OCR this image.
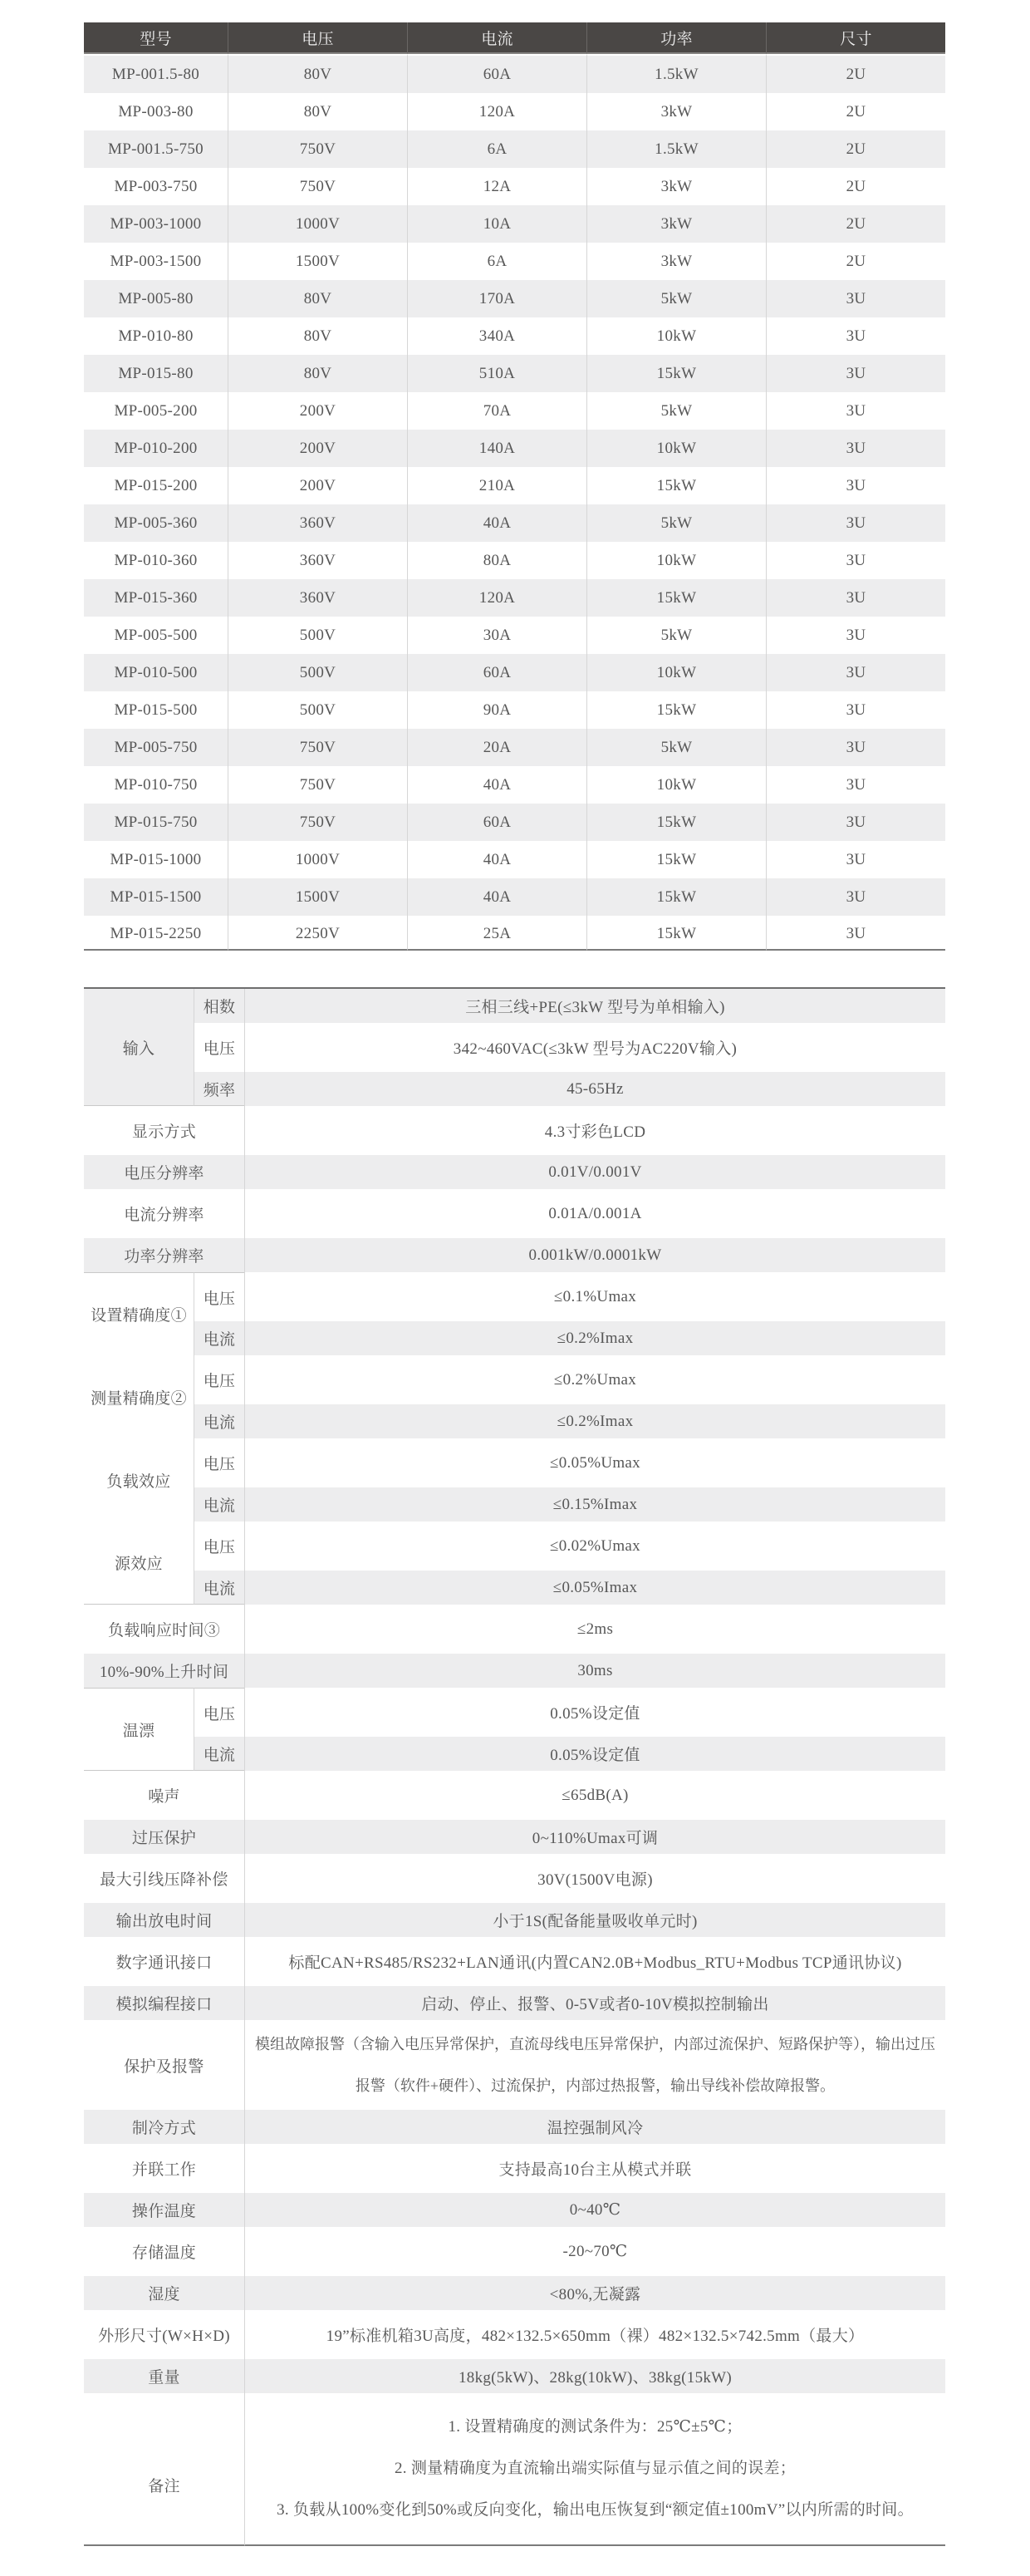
型号	电压	电流	功率	尺寸
MP-001.5-80	80V	60A	1.5kW	2U
MP-003-80	80V	120A	3kW	2U
MP-001.5-750	750V	6A	1.5kW	2U
MP-003-750	750V	12A	3kW	2U
MP-003-1000	1000V	10A	3kW	2U
MP-003-1500	1500V	6A	3kW	2U
MP-005-80	80V	170A	5kW	3U
MP-010-80	80V	340A	10kW	3U
MP-015-80	80V	510A	15kW	3U
MP-005-200	200V	70A	5kW	3U
MP-010-200	200V	140A	10kW	3U
MP-015-200	200V	210A	15kW	3U
MP-005-360	360V	40A	5kW	3U
MP-010-360	360V	80A	10kW	3U
MP-015-360	360V	120A	15kW	3U
MP-005-500	500V	30A	5kW	3U
MP-010-500	500V	60A	10kW	3U
MP-015-500	500V	90A	15kW	3U
MP-005-750	750V	20A	5kW	3U
MP-010-750	750V	40A	10kW	3U
MP-015-750	750V	60A	15kW	3U
MP-015-1000	1000V	40A	15kW	3U
MP-015-1500	1500V	40A	15kW	3U
MP-015-2250	2250V	25A	15kW	3U
输入	相数	三相三线+PE(≤3kW 型号为单相输入)
	电压	342~460VAC(≤3kW 型号为AC220V输入)
	频率	45-65Hz
显示方式		4.3寸彩色LCD
电压分辨率		0.01V/0.001V
电流分辨率		0.01A/0.001A
功率分辨率		0.001kW/0.0001kW
设置精确度①	电压	≤0.1%Umax
	电流	≤0.2%Imax
测量精确度②	电压	≤0.2%Umax
	电流	≤0.2%Imax
负载效应	电压	≤0.05%Umax
	电流	≤0.15%Imax
源效应	电压	≤0.02%Umax
	电流	≤0.05%Imax
负载响应时间③		≤2ms
10%-90%上升时间		30ms
温漂	电压	0.05%设定值
	电流	0.05%设定值
噪声		≤65dB(A)
过压保护		0~110%Umax可调
最大引线压降补偿		30V(1500V电源)
输出放电时间		小于1S(配备能量吸收单元时)
数字通讯接口		标配CAN+RS485/RS232+LAN通讯(内置CAN2.0B+Modbus_RTU+Modbus TCP通讯协议)
模拟编程接口		启动、停止、报警、0-5V或者0-10V模拟控制输出
保护及报警		模组故障报警（含输入电压异常保护，直流母线电压异常保护，内部过流保护、短路保护等），输出过压
报警（软件+硬件）、过流保护，内部过热报警，输出导线补偿故障报警。

制冷方式		温控强制风冷
并联工作		支持最高10台主从模式并联
操作温度		0~40℃
存储温度		-20~70℃
湿度		<80%,无凝露
外形尺寸(W×H×D)		19”标准机箱3U高度，482×132.5×650mm（裸）482×132.5×742.5mm（最大）
重量		18kg(5kW)、28kg(10kW)、38kg(15kW)
备注		1. 设置精确度的测试条件为：25℃±5℃；
2. 测量精确度为直流输出端实际值与显示值之间的误差；
3. 负载从100%变化到50%或反向变化，输出电压恢复到“额定值±100mV”以内所需的时间。
